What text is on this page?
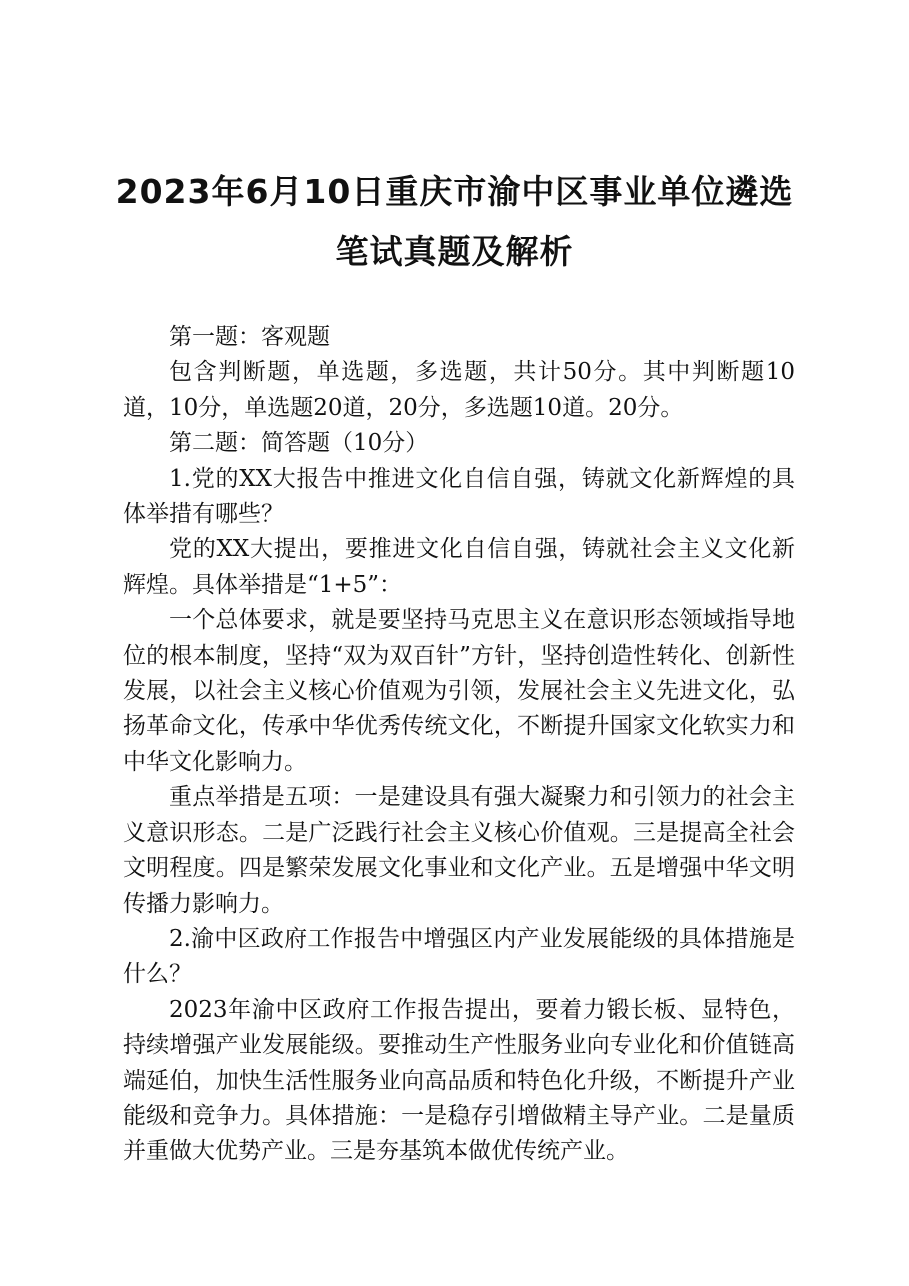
2023年6月10日重庆市渝中区事业单位遴选
笔试真题及解析

第一题：客观题

包含判断题，单选题，多选题，共计50分。其中判断题10道，10分，单选题20道，20分，多选题10道。20分。

第二题：简答题（10分）

1.党的XX大报告中推进文化自信自强，铸就文化新辉煌的具体举措有哪些？

党的XX大提出，要推进文化自信自强，铸就社会主义文化新辉煌。具体举措是“1+5”：

一个总体要求，就是要坚持马克思主义在意识形态领域指导地位的根本制度，坚持“双为双百针”方针，坚持创造性转化、创新性发展，以社会主义核心价值观为引领，发展社会主义先进文化，弘扬革命文化，传承中华优秀传统文化，不断提升国家文化软实力和中华文化影响力。

重点举措是五项：一是建设具有强大凝聚力和引领力的社会主义意识形态。二是广泛践行社会主义核心价值观。三是提高全社会文明程度。四是繁荣发展文化事业和文化产业。五是增强中华文明传播力影响力。

2.渝中区政府工作报告中增强区内产业发展能级的具体措施是什么？

2023年渝中区政府工作报告提出，要着力锻长板、显特色，持续增强产业发展能级。要推动生产性服务业向专业化和价值链高端延伯，加快生活性服务业向高品质和特色化升级，不断提升产业能级和竞争力。具体措施：一是稳存引增做精主导产业。二是量质并重做大优势产业。三是夯基筑本做优传统产业。
